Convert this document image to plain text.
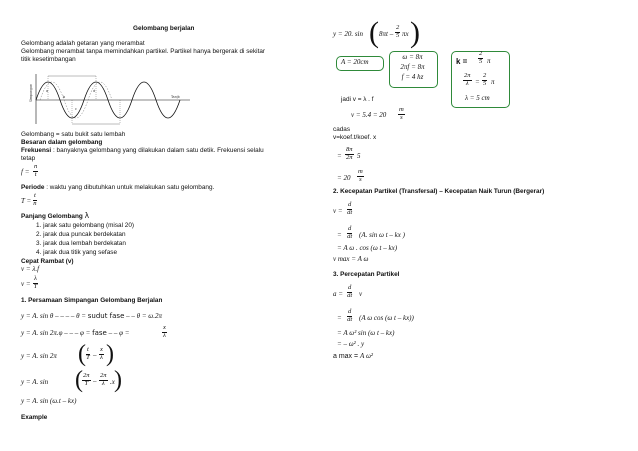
Gelombang berjalan
Gelombang adalah getaran yang merambat
Gelombang merambat tanpa memindahkan partikel. Partikel hanya bergerak di sekitar
titik kesetimbangan
a
b
c
d
Tanjk
Simpangan
Gelombang = satu bukit satu lembah
Besaran dalam gelombang
Frekuensi : banyaknya gelombang yang dilakukan dalam satu detik. Frekuensi selalu
tetap
$f = \frac{n}{t}$
Periode : waktu yang dibutuhkan untuk melakukan satu gelombang.
$T = \frac{t}{n}$
Panjang Gelombang λ
1. jarak satu gelombang (misal 20)
2. jarak dua puncak berdekatan
3. jarak dua lembah berdekatan
4. jarak dua titik yang sefase
Cepat Rambat (v)
v = λ.f
$v = \frac{\lambda}{T}$
1. Persamaan Simpangan Gelombang Berjalan
y = A. sin θ – – – – θ = sudut fase – – θ = ω.2π
y = A. sin 2π.φ – – – φ = fase – – φ =	$\frac{x}{\lambda}$
y = A. sin 2π ( $\frac{t}{T} - \frac{x}{\lambda}$ )
y = A. sin ( $\frac{2\pi}{T} - \frac{2\pi}{\lambda} .x$ )
y = A. sin (ω.t – kx)
Example
y = 20. sin ( $8\pi t - \frac{2}{5}$ πx )
A = 20cm
ω = 8π
2πf = 8π
f = 4 hz
$k = \frac{2}{5}$ π
$\frac{2\pi}{\lambda} = \frac{2}{5}$ π
λ = 5 cm
jadi v = λ . f
$v = 5.4 = 20 \frac{m}{s}$
cadas
v=koef.t/koef. x
= $\frac{8\pi}{2\pi} 5$
= $20 \frac{m}{s}$
2. Kecepatan Partikel (Transfersal) – Kecepatan Naik Turun (Bergerar)
$v = \frac{d}{dt}$
= $\frac{d}{dt} (A$. sin ω t – kx )
= A ω . cos (ω t – kx)
v max = A ω
3. Percepatan Partikel
$a = \frac{d}{dt}$ v
= $\frac{d}{dt} (A$ ω cos (ω t – kx))
= A ω² sin (ω t – kx)
= – ω² . y
a max = A ω²
